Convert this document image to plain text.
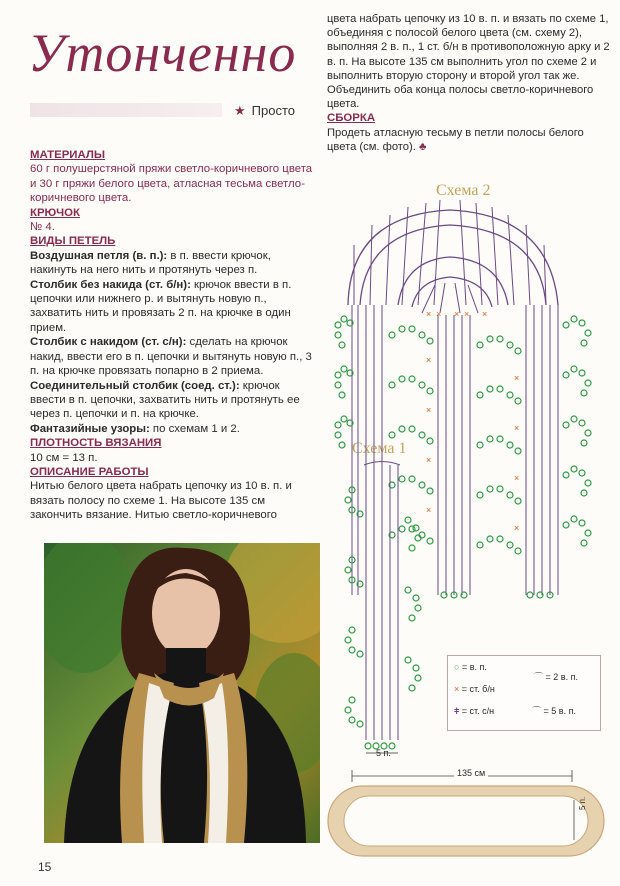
Утонченно
★ Просто

МАТЕРИАЛЫ

60 г полушерстяной пряжи светло-коричневого цвета и 30 г пряжи белого цвета, атласная тесьма светло-коричневого цвета.

КРЮЧОК

№ 4.

ВИДЫ ПЕТЕЛЬ

Воздушная петля (в. п.): в п. ввести крючок, накинуть на него нить и протянуть через п.

Столбик без накида (ст. б/н): крючок ввести в п. цепочки или нижнего р. и вытянуть новую п., захватить нить и провязать 2 п. на крючке в один прием.

Столбик с накидом (ст. с/н): сделать на крючок накид, ввести его в п. цепочки и вытянуть новую п., 3 п. на крючке провязать попарно в 2 приема.

Соединительный столбик (соед. ст.): крючок ввести в п. цепочки, захватить нить и протянуть ее через п. цепочки и п. на крючке.

Фантазийные узоры: по схемам 1 и 2.

ПЛОТНОСТЬ ВЯЗАНИЯ

10 см = 13 п.

ОПИСАНИЕ РАБОТЫ

Нитью белого цвета набрать цепочку из 10 в. п. и вязать полосу по схеме 1. На высоте 135 см закончить вязание. Нитью светло-коричневого

цвета набрать цепочку из 10 в. п. и вязать по схеме 1, объединяя с полосой белого цвета (см. схему 2), выполняя 2 в. п., 1 ст. б/н в противоположную арку и 2 в. п. На высоте 135 см выполнить угол по схеме 2 и выполнить вторую сторону и второй угол так же. Объединить оба конца полосы светло-коричневого цвета.

СБОРКА

Продеть атласную тесьму в петли полосы белого цвета (см. фото). ♣

Схема 2
Схема 1
× × × × ×
×
×
×
×
×
×
×
×
5 п.
○ = в. п.
× = ст. б/н
ǂ = ст. с/н
⌒ = 2 в. п.
⌒ = 5 в. п.
135 см
5 п.
15
